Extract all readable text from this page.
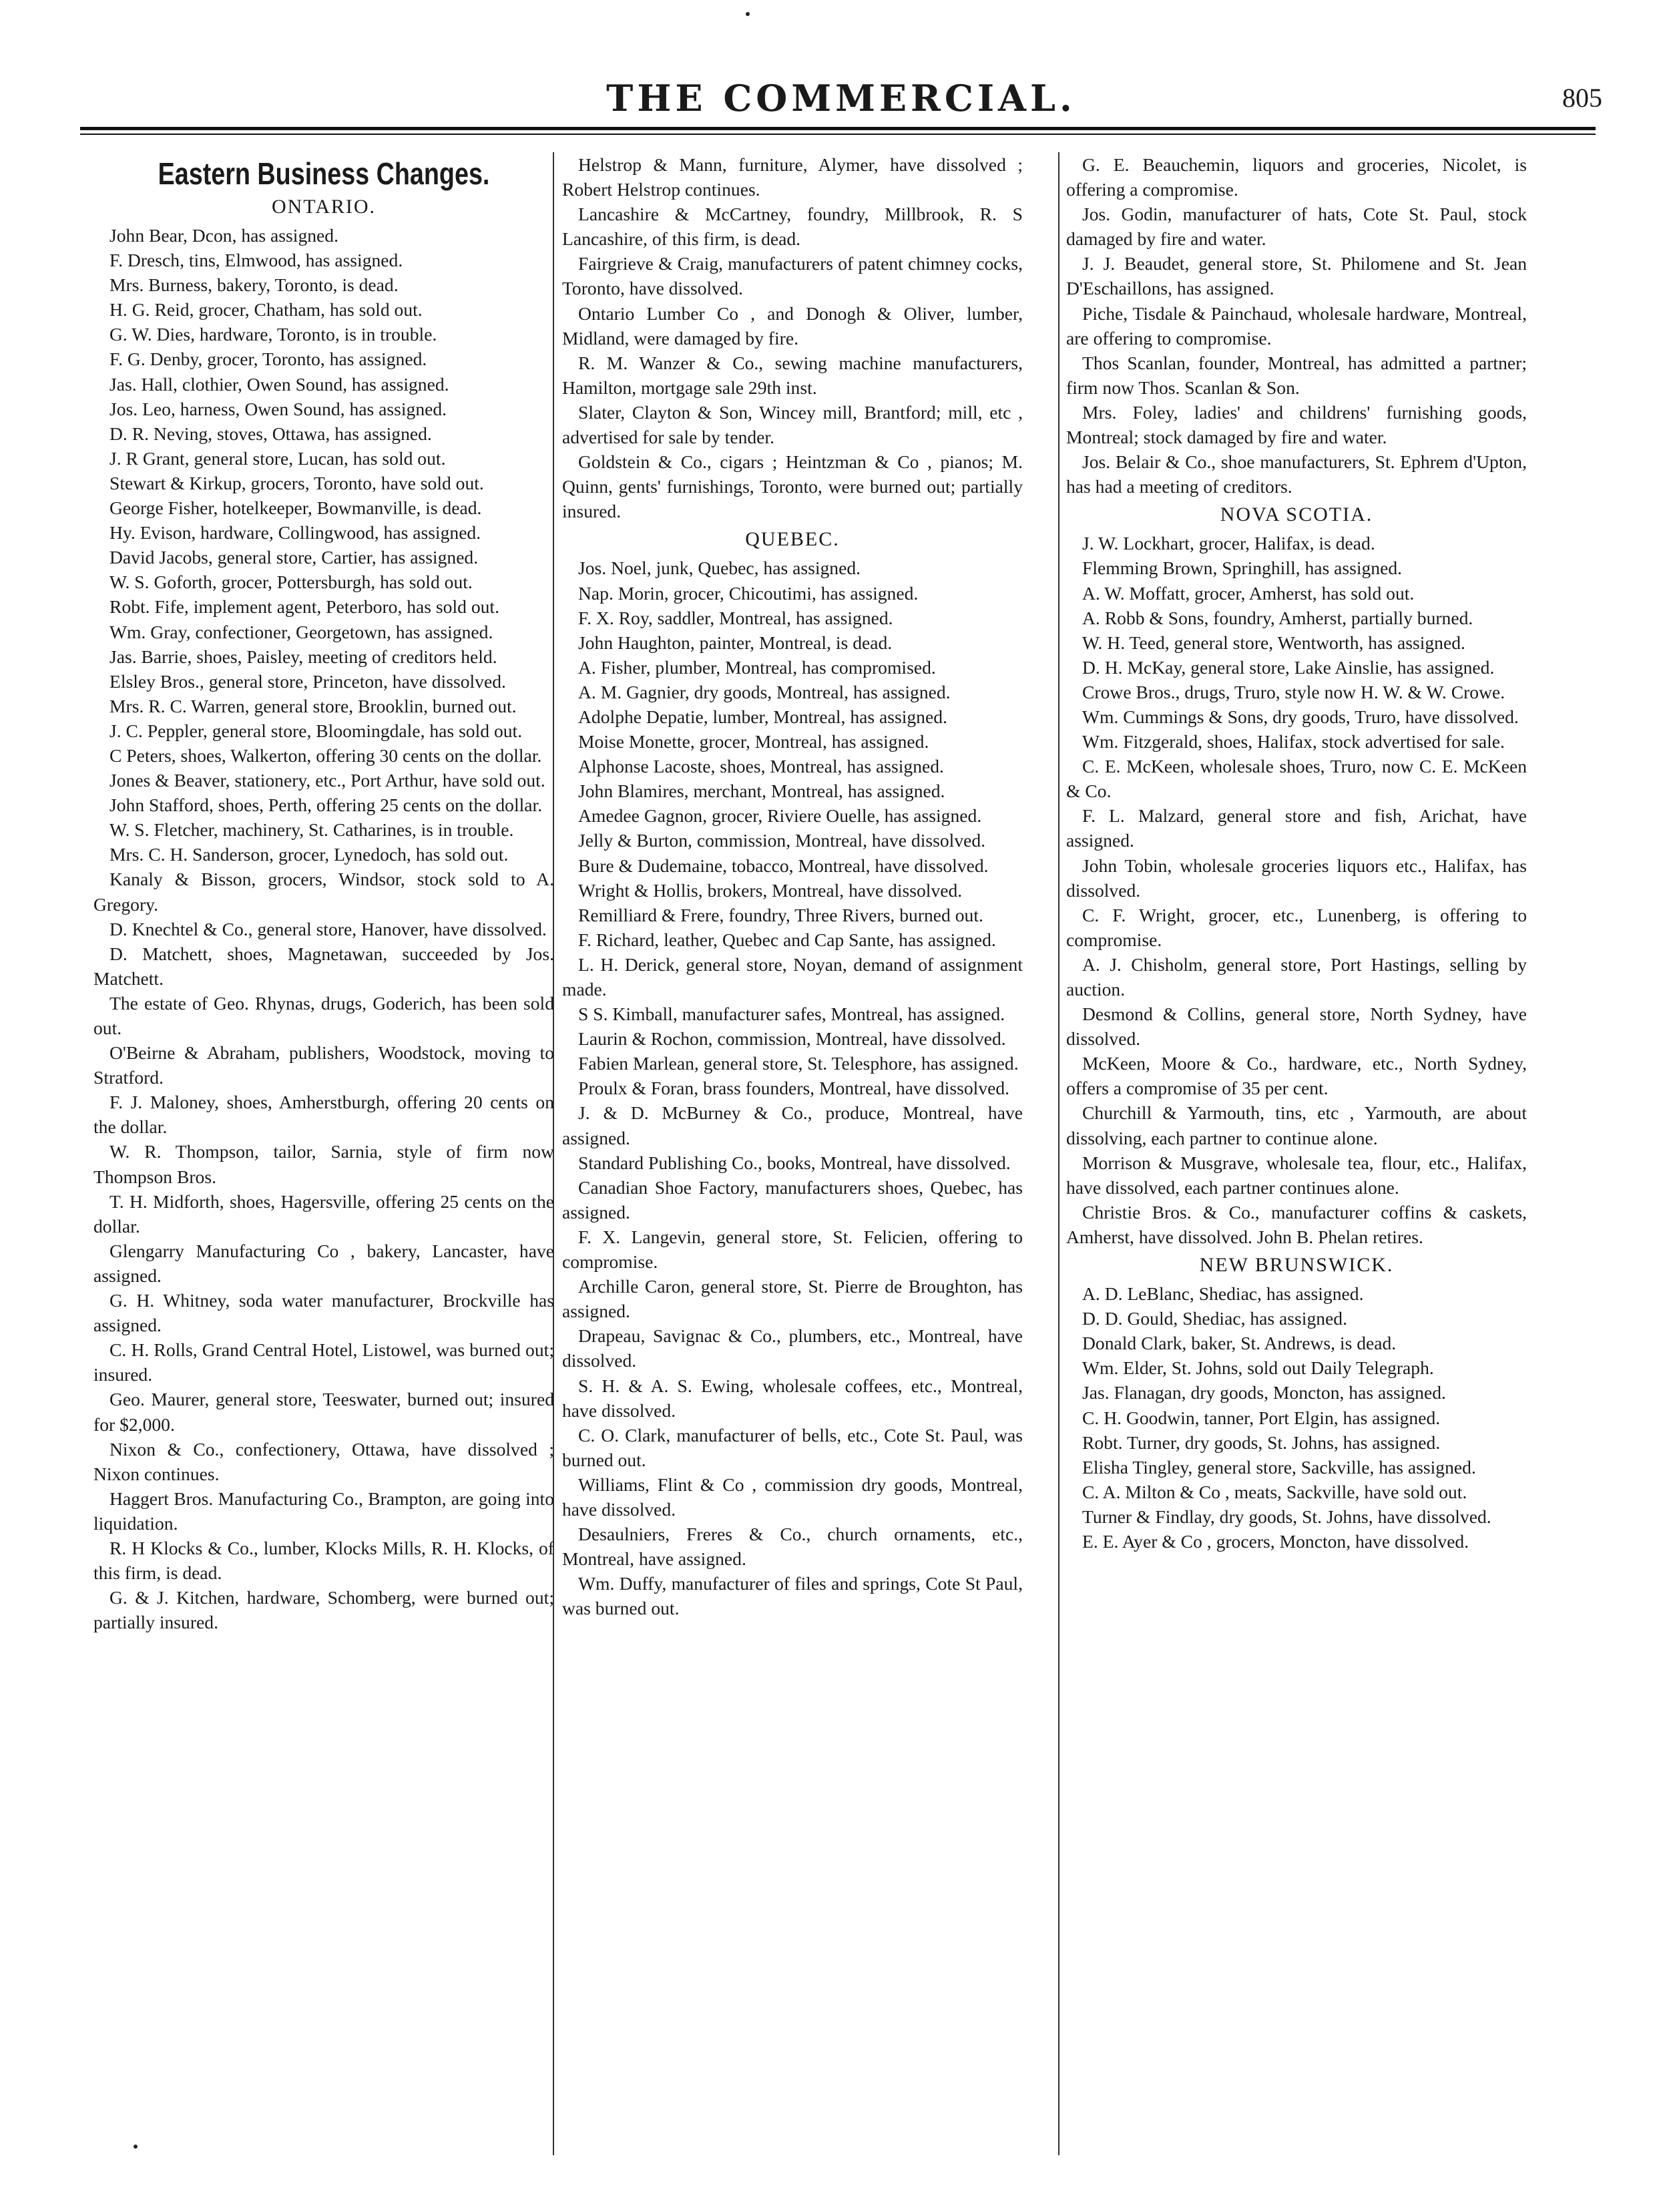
THE COMMERCIAL.	805
Eastern Business Changes.
ONTARIO.

John Bear, Dcon, has assigned.

F. Dresch, tins, Elmwood, has assigned.

Mrs. Burness, bakery, Toronto, is dead.

H. G. Reid, grocer, Chatham, has sold out.

G. W. Dies, hardware, Toronto, is in trouble.

F. G. Denby, grocer, Toronto, has assigned.

Jas. Hall, clothier, Owen Sound, has assigned.

Jos. Leo, harness, Owen Sound, has assigned.

D. R. Neving, stoves, Ottawa, has assigned.

J. R Grant, general store, Lucan, has sold out.

Stewart & Kirkup, grocers, Toronto, have sold out.

George Fisher, hotelkeeper, Bowmanville, is dead.

Hy. Evison, hardware, Collingwood, has assigned.

David Jacobs, general store, Cartier, has assigned.

W. S. Goforth, grocer, Pottersburgh, has sold out.

Robt. Fife, implement agent, Peterboro, has sold out.

Wm. Gray, confectioner, Georgetown, has assigned.

Jas. Barrie, shoes, Paisley, meeting of creditors held.

Elsley Bros., general store, Princeton, have dissolved.

Mrs. R. C. Warren, general store, Brooklin, burned out.

J. C. Peppler, general store, Bloomingdale, has sold out.

C Peters, shoes, Walkerton, offering 30 cents on the dollar.

Jones & Beaver, stationery, etc., Port Arthur, have sold out.

John Stafford, shoes, Perth, offering 25 cents on the dollar.

W. S. Fletcher, machinery, St. Catharines, is in trouble.

Mrs. C. H. Sanderson, grocer, Lynedoch, has sold out.

Kanaly & Bisson, grocers, Windsor, stock sold to A. Gregory.

D. Knechtel & Co., general store, Hanover, have dissolved.

D. Matchett, shoes, Magnetawan, succeeded by Jos. Matchett.

The estate of Geo. Rhynas, drugs, Goderich, has been sold out.

O'Beirne & Abraham, publishers, Woodstock, moving to Stratford.

F. J. Maloney, shoes, Amherstburgh, offering 20 cents on the dollar.

W. R. Thompson, tailor, Sarnia, style of firm now Thompson Bros.

T. H. Midforth, shoes, Hagersville, offering 25 cents on the dollar.

Glengarry Manufacturing Co , bakery, Lancaster, have assigned.

G. H. Whitney, soda water manufacturer, Brockville has assigned.

C. H. Rolls, Grand Central Hotel, Listowel, was burned out; insured.

Geo. Maurer, general store, Teeswater, burned out; insured for $2,000.

Nixon & Co., confectionery, Ottawa, have dissolved ; Nixon continues.

Haggert Bros. Manufacturing Co., Brampton, are going into liquidation.

R. H Klocks & Co., lumber, Klocks Mills, R. H. Klocks, of this firm, is dead.

G. & J. Kitchen, hardware, Schomberg, were burned out; partially insured.

Helstrop & Mann, furniture, Alymer, have dissolved ; Robert Helstrop continues.

Lancashire & McCartney, foundry, Millbrook, R. S Lancashire, of this firm, is dead.

Fairgrieve & Craig, manufacturers of patent chimney cocks, Toronto, have dissolved.

Ontario Lumber Co , and Donogh & Oliver, lumber, Midland, were damaged by fire.

R. M. Wanzer & Co., sewing machine manufacturers, Hamilton, mortgage sale 29th inst.

Slater, Clayton & Son, Wincey mill, Brantford; mill, etc , advertised for sale by tender.

Goldstein & Co., cigars ; Heintzman & Co , pianos; M. Quinn, gents' furnishings, Toronto, were burned out; partially insured.

QUEBEC.

Jos. Noel, junk, Quebec, has assigned.

Nap. Morin, grocer, Chicoutimi, has assigned.

F. X. Roy, saddler, Montreal, has assigned.

John Haughton, painter, Montreal, is dead.

A. Fisher, plumber, Montreal, has compromised.

A. M. Gagnier, dry goods, Montreal, has assigned.

Adolphe Depatie, lumber, Montreal, has assigned.

Moise Monette, grocer, Montreal, has assigned.

Alphonse Lacoste, shoes, Montreal, has assigned.

John Blamires, merchant, Montreal, has assigned.

Amedee Gagnon, grocer, Riviere Ouelle, has assigned.

Jelly & Burton, commission, Montreal, have dissolved.

Bure & Dudemaine, tobacco, Montreal, have dissolved.

Wright & Hollis, brokers, Montreal, have dissolved.

Remilliard & Frere, foundry, Three Rivers, burned out.

F. Richard, leather, Quebec and Cap Sante, has assigned.

L. H. Derick, general store, Noyan, demand of assignment made.

S S. Kimball, manufacturer safes, Montreal, has assigned.

Laurin & Rochon, commission, Montreal, have dissolved.

Fabien Marlean, general store, St. Telesphore, has assigned.

Proulx & Foran, brass founders, Montreal, have dissolved.

J. & D. McBurney & Co., produce, Montreal, have assigned.

Standard Publishing Co., books, Montreal, have dissolved.

Canadian Shoe Factory, manufacturers shoes, Quebec, has assigned.

F. X. Langevin, general store, St. Felicien, offering to compromise.

Archille Caron, general store, St. Pierre de Broughton, has assigned.

Drapeau, Savignac & Co., plumbers, etc., Montreal, have dissolved.

S. H. & A. S. Ewing, wholesale coffees, etc., Montreal, have dissolved.

C. O. Clark, manufacturer of bells, etc., Cote St. Paul, was burned out.

Williams, Flint & Co , commission dry goods, Montreal, have dissolved.

Desaulniers, Freres & Co., church ornaments, etc., Montreal, have assigned.

Wm. Duffy, manufacturer of files and springs, Cote St Paul, was burned out.

G. E. Beauchemin, liquors and groceries, Nicolet, is offering a compromise.

Jos. Godin, manufacturer of hats, Cote St. Paul, stock damaged by fire and water.

J. J. Beaudet, general store, St. Philomene and St. Jean D'Eschaillons, has assigned.

Piche, Tisdale & Painchaud, wholesale hardware, Montreal, are offering to compromise.

Thos Scanlan, founder, Montreal, has admitted a partner; firm now Thos. Scanlan & Son.

Mrs. Foley, ladies' and childrens' furnishing goods, Montreal; stock damaged by fire and water.

Jos. Belair & Co., shoe manufacturers, St. Ephrem d'Upton, has had a meeting of creditors.

NOVA SCOTIA.

J. W. Lockhart, grocer, Halifax, is dead.

Flemming Brown, Springhill, has assigned.

A. W. Moffatt, grocer, Amherst, has sold out.

A. Robb & Sons, foundry, Amherst, partially burned.

W. H. Teed, general store, Wentworth, has assigned.

D. H. McKay, general store, Lake Ainslie, has assigned.

Crowe Bros., drugs, Truro, style now H. W. & W. Crowe.

Wm. Cummings & Sons, dry goods, Truro, have dissolved.

Wm. Fitzgerald, shoes, Halifax, stock advertised for sale.

C. E. McKeen, wholesale shoes, Truro, now C. E. McKeen & Co.

F. L. Malzard, general store and fish, Arichat, have assigned.

John Tobin, wholesale groceries liquors etc., Halifax, has dissolved.

C. F. Wright, grocer, etc., Lunenberg, is offering to compromise.

A. J. Chisholm, general store, Port Hastings, selling by auction.

Desmond & Collins, general store, North Sydney, have dissolved.

McKeen, Moore & Co., hardware, etc., North Sydney, offers a compromise of 35 per cent.

Churchill & Yarmouth, tins, etc , Yarmouth, are about dissolving, each partner to continue alone.

Morrison & Musgrave, wholesale tea, flour, etc., Halifax, have dissolved, each partner continues alone.

Christie Bros. & Co., manufacturer coffins & caskets, Amherst, have dissolved. John B. Phelan retires.

NEW BRUNSWICK.

A. D. LeBlanc, Shediac, has assigned.

D. D. Gould, Shediac, has assigned.

Donald Clark, baker, St. Andrews, is dead.

Wm. Elder, St. Johns, sold out Daily Telegraph.

Jas. Flanagan, dry goods, Moncton, has assigned.

C. H. Goodwin, tanner, Port Elgin, has assigned.

Robt. Turner, dry goods, St. Johns, has assigned.

Elisha Tingley, general store, Sackville, has assigned.

C. A. Milton & Co , meats, Sackville, have sold out.

Turner & Findlay, dry goods, St. Johns, have dissolved.

E. E. Ayer & Co , grocers, Moncton, have dissolved.
